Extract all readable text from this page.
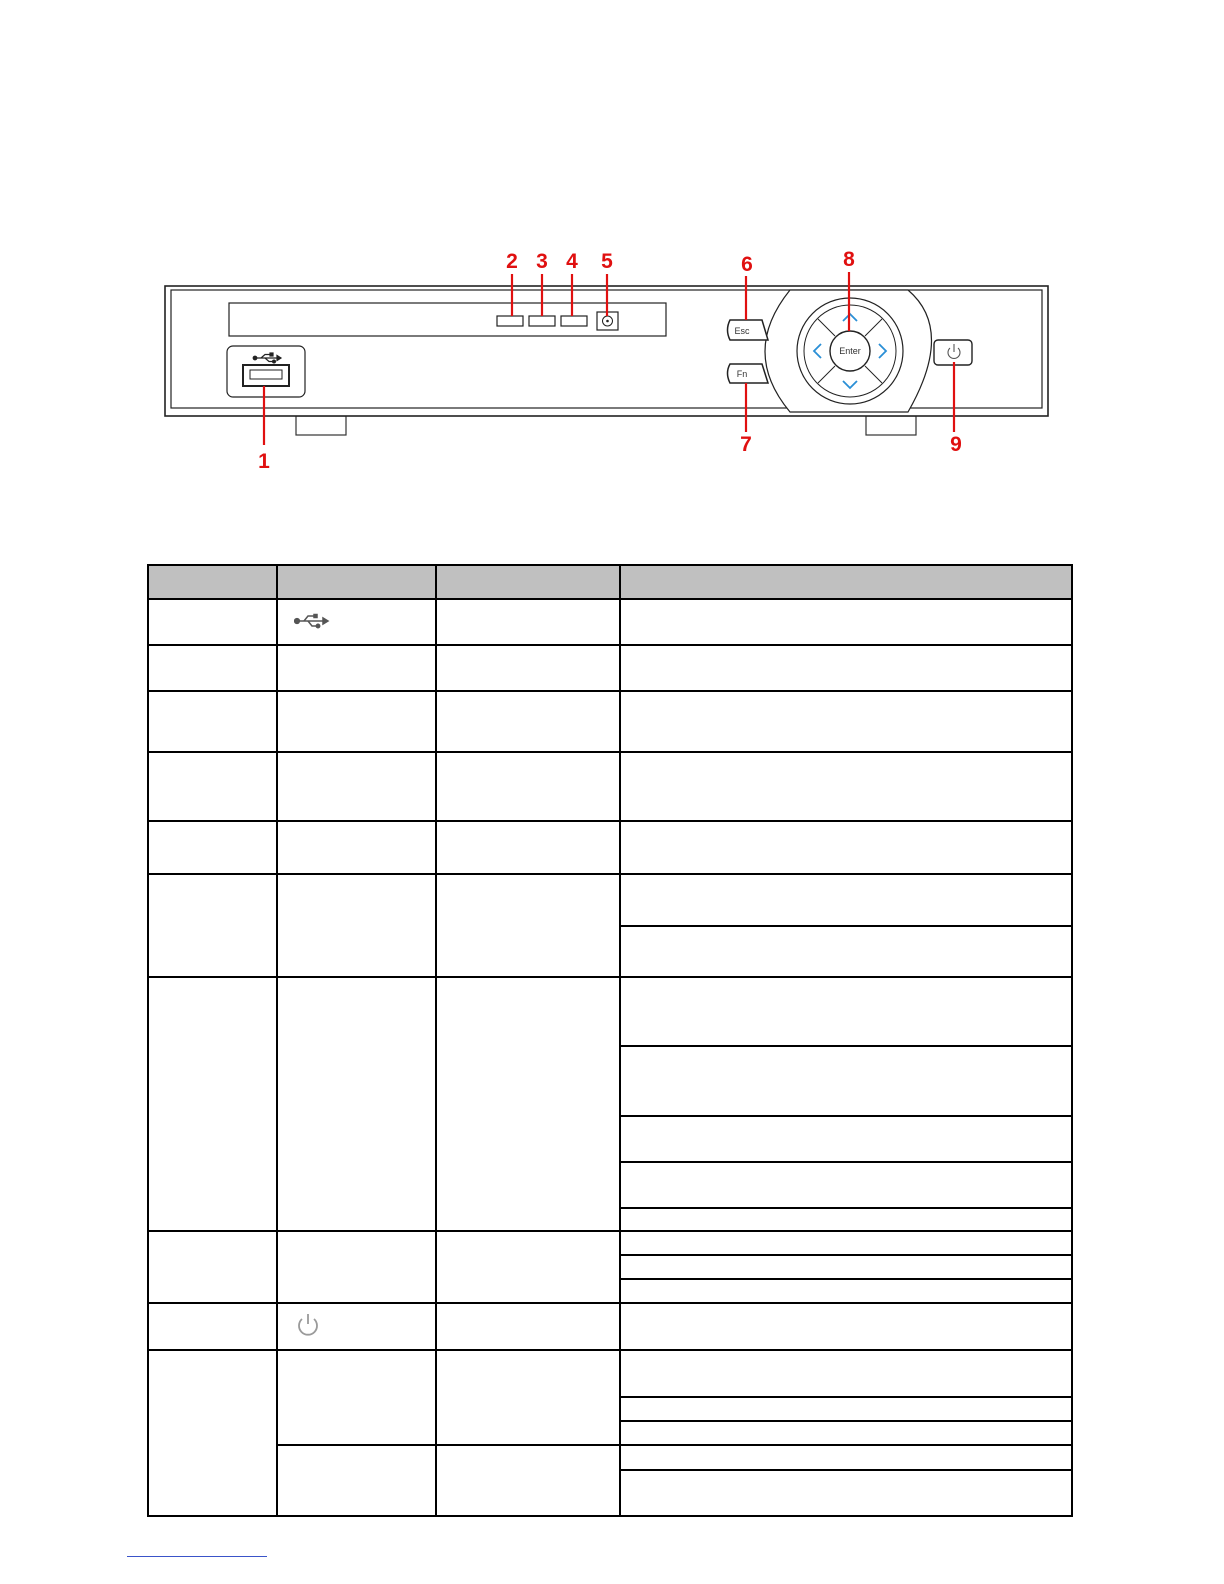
Enter
Esc
Fn
1
2 3 4 5	6
7
8
9
